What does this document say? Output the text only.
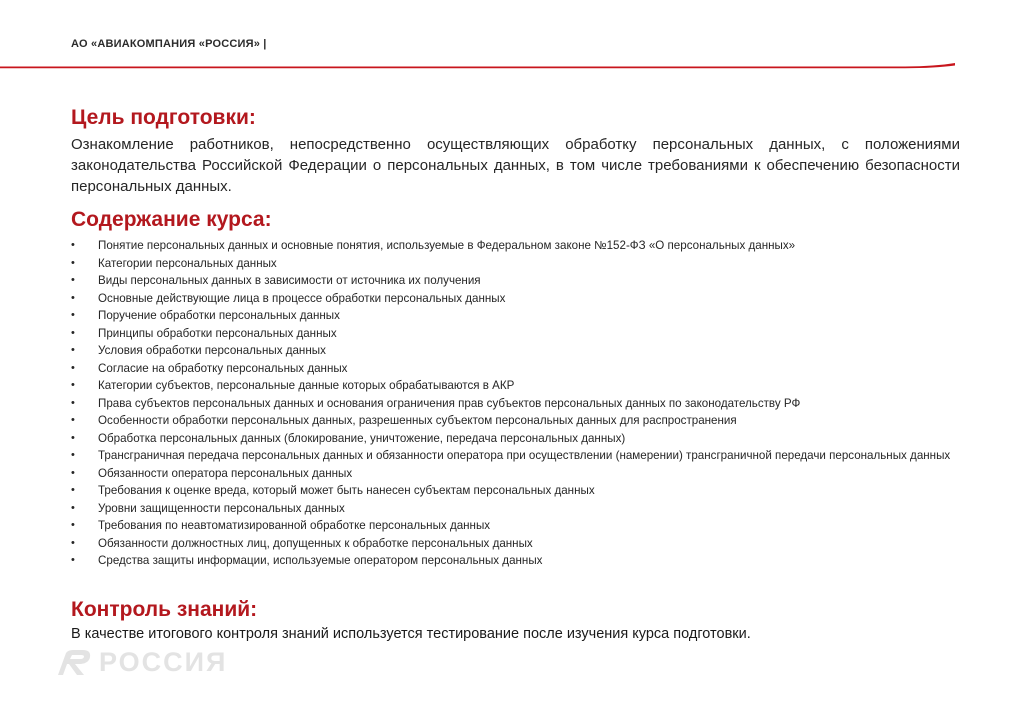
АО «АВИАКОМПАНИЯ «РОССИЯ» |
Цель подготовки:
Ознакомление работников, непосредственно осуществляющих обработку персональных данных, с положениями законодательства Российской Федерации о персональных данных, в том числе требованиями к обеспечению безопасности персональных данных.
Содержание курса:
• Понятие персональных данных и основные понятия, используемые в Федеральном законе №152-ФЗ «О персональных данных»
• Категории персональных данных
• Виды персональных данных в зависимости от источника их получения
• Основные действующие лица в процессе обработки персональных данных
• Поручение обработки персональных данных
• Принципы обработки персональных данных
• Условия обработки персональных данных
• Согласие на обработку персональных данных
• Категории субъектов, персональные данные которых обрабатываются в АКР
• Права субъектов персональных данных и основания ограничения прав субъектов персональных данных по законодательству РФ
• Особенности обработки персональных данных, разрешенных субъектом персональных данных для распространения
• Обработка персональных данных (блокирование, уничтожение, передача персональных данных)
• Трансграничная передача персональных данных и обязанности оператора при осуществлении (намерении) трансграничной передачи персональных данных
• Обязанности оператора персональных данных
• Требования к оценке вреда, который может быть нанесен субъектам персональных данных
• Уровни защищенности персональных данных
• Требования по неавтоматизированной обработке персональных данных
• Обязанности должностных лиц, допущенных к обработке персональных данных
• Средства защиты информации, используемые оператором персональных данных
Контроль знаний:
В качестве итогового контроля знаний используется тестирование после изучения курса подготовки.
РОССИЯ
